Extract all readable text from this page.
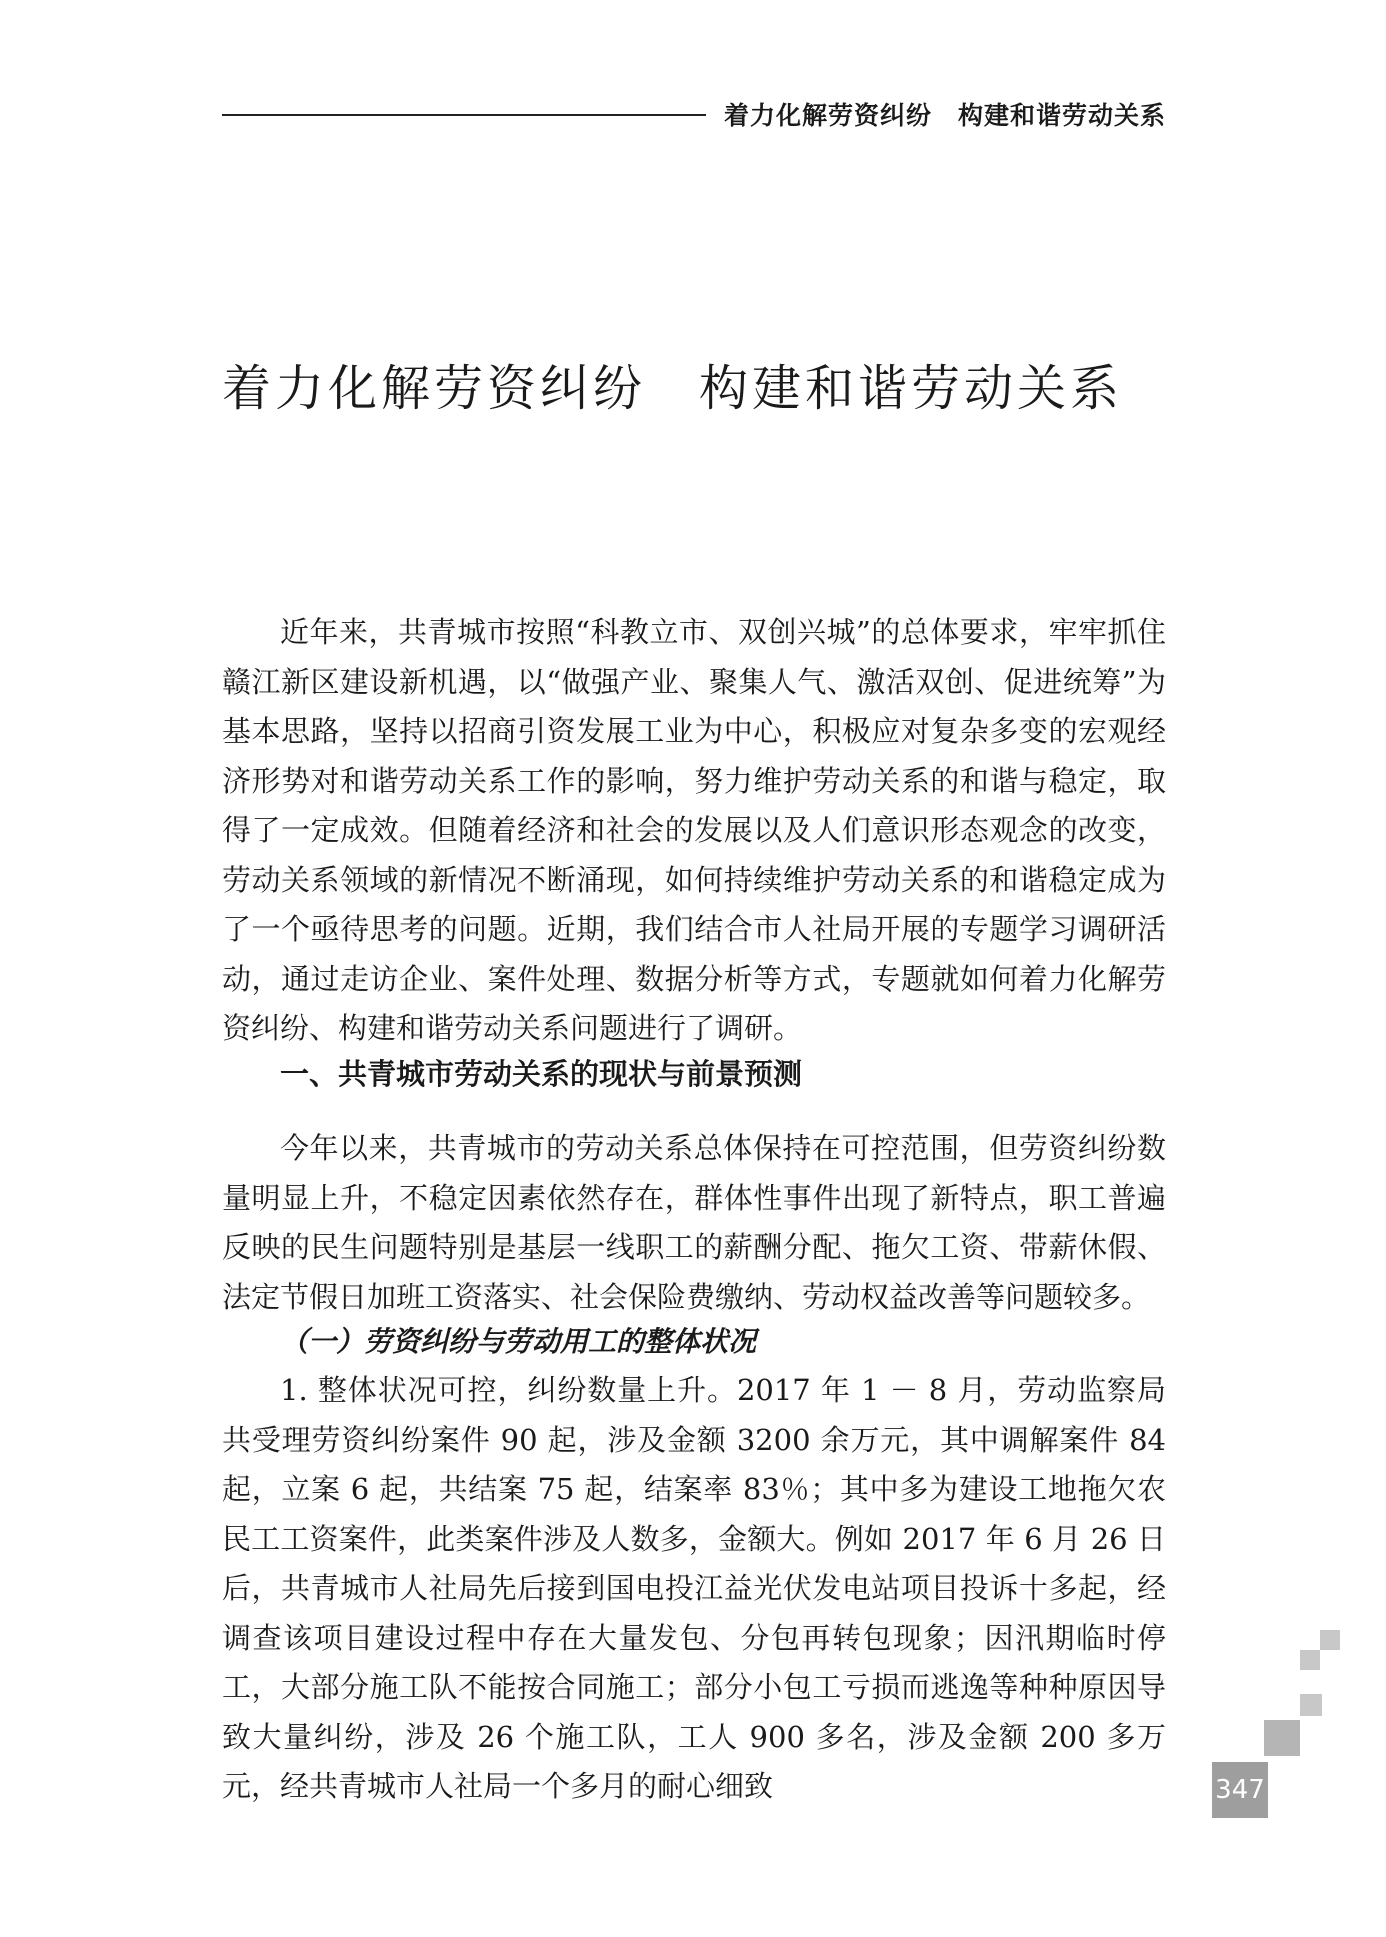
着力化解劳资纠纷　构建和谐劳动关系
着力化解劳资纠纷　构建和谐劳动关系

近年来，共青城市按照“科教立市、双创兴城”的总体要求，牢牢抓住赣江新区建设新机遇，以“做强产业、聚集人气、激活双创、促进统筹”为基本思路，坚持以招商引资发展工业为中心，积极应对复杂多变的宏观经济形势对和谐劳动关系工作的影响，努力维护劳动关系的和谐与稳定，取得了一定成效。但随着经济和社会的发展以及人们意识形态观念的改变，劳动关系领域的新情况不断涌现，如何持续维护劳动关系的和谐稳定成为了一个亟待思考的问题。近期，我们结合市人社局开展的专题学习调研活动，通过走访企业、案件处理、数据分析等方式，专题就如何着力化解劳资纠纷、构建和谐劳动关系问题进行了调研。

一、共青城市劳动关系的现状与前景预测

今年以来，共青城市的劳动关系总体保持在可控范围，但劳资纠纷数量明显上升，不稳定因素依然存在，群体性事件出现了新特点，职工普遍反映的民生问题特别是基层一线职工的薪酬分配、拖欠工资、带薪休假、法定节假日加班工资落实、社会保险费缴纳、劳动权益改善等问题较多。

（一）劳资纠纷与劳动用工的整体状况

1. 整体状况可控，纠纷数量上升。2017 年 1 － 8 月，劳动监察局共受理劳资纠纷案件 90 起，涉及金额 3200 余万元，其中调解案件 84 起，立案 6 起，共结案 75 起，结案率 83％；其中多为建设工地拖欠农民工工资案件，此类案件涉及人数多，金额大。例如 2017 年 6 月 26 日后，共青城市人社局先后接到国电投江益光伏发电站项目投诉十多起，经调查该项目建设过程中存在大量发包、分包再转包现象；因汛期临时停工，大部分施工队不能按合同施工；部分小包工亏损而逃逸等种种原因导致大量纠纷，涉及 26 个施工队，工人 900 多名，涉及金额 200 多万元，经共青城市人社局一个多月的耐心细致	347
